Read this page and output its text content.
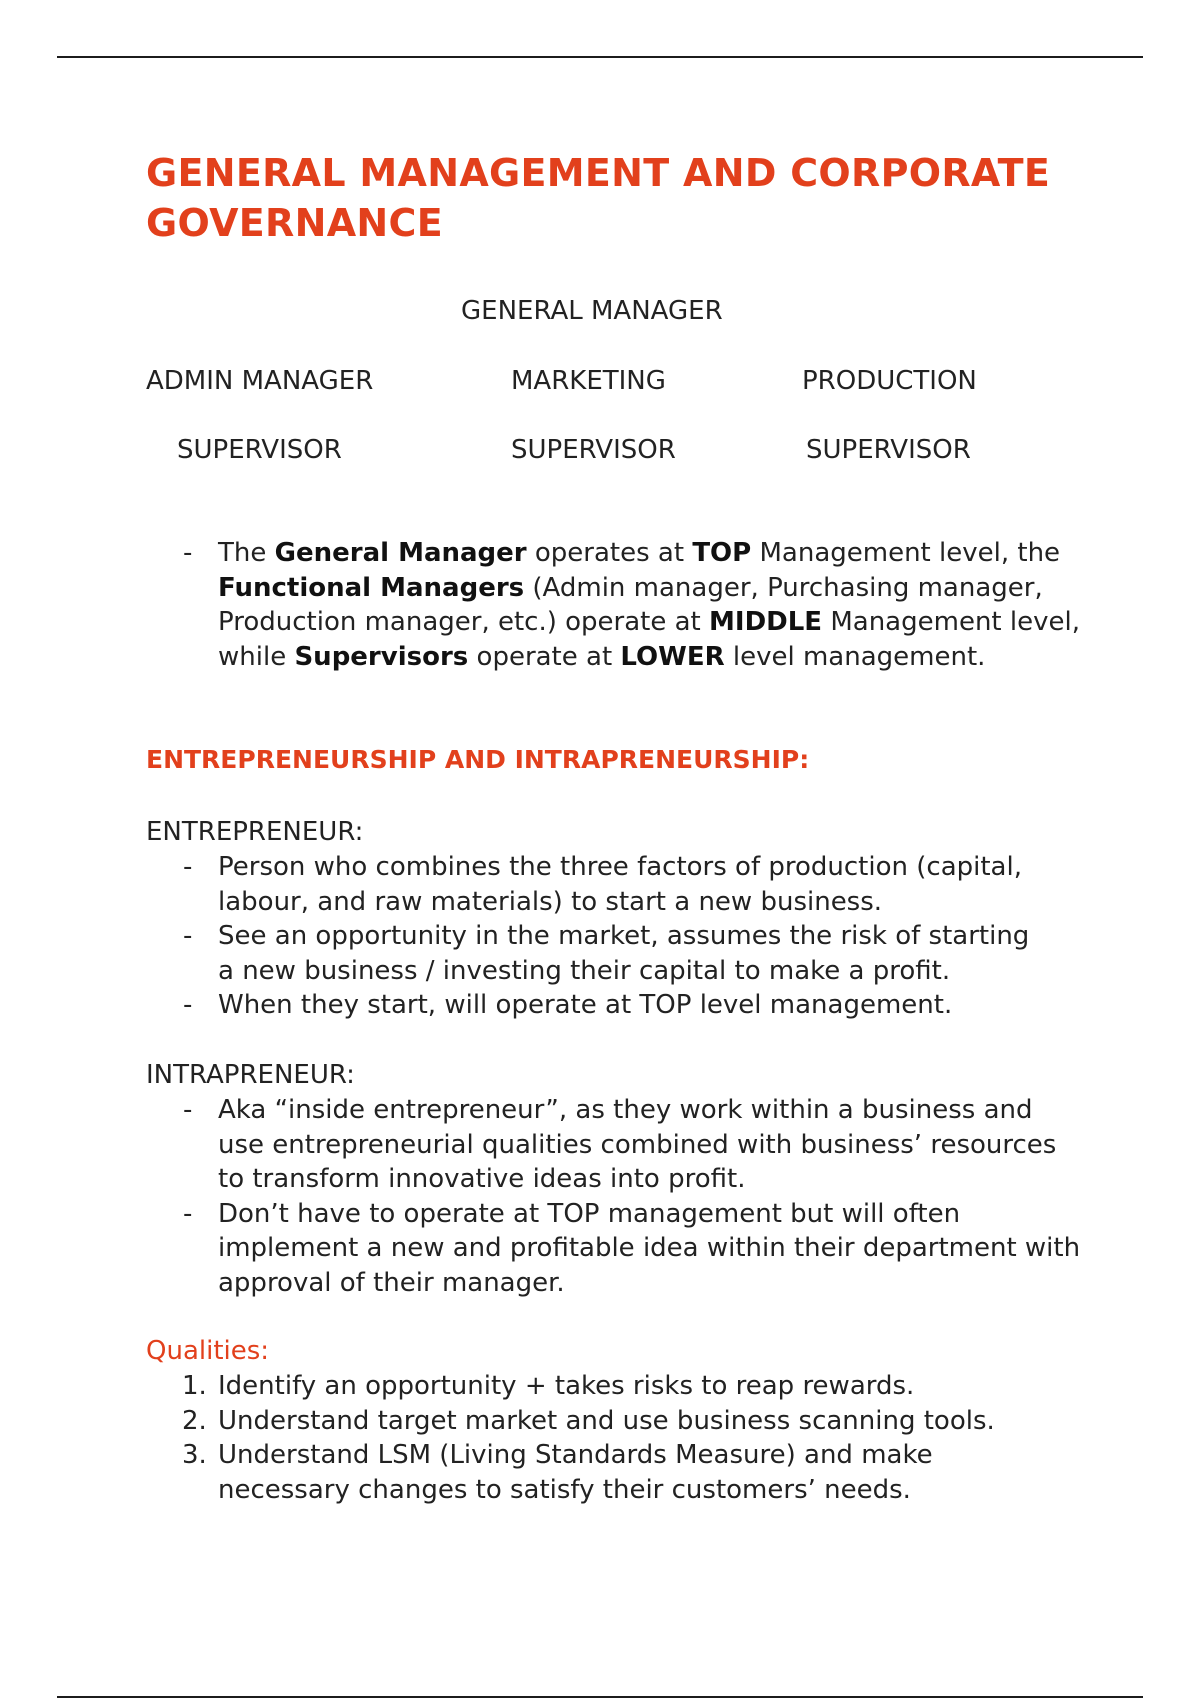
GENERAL MANAGEMENT AND CORPORATE
GOVERNANCE
GENERAL MANAGER
ADMIN MANAGER	MARKETING	PRODUCTION
SUPERVISOR	SUPERVISOR	SUPERVISOR
- The General Manager operates at TOP Management level, the Functional Managers (Admin manager, Purchasing manager, Production manager, etc.) operate at MIDDLE Management level, while Supervisors operate at LOWER level management.
ENTREPRENEURSHIP AND INTRAPRENEURSHIP:
ENTREPRENEUR:
- Person who combines the three factors of production (capital, labour, and raw materials) to start a new business.
- See an opportunity in the market, assumes the risk of starting a new business / investing their capital to make a profit.
- When they start, will operate at TOP level management.
INTRAPRENEUR:
- Aka “inside entrepreneur”, as they work within a business and use entrepreneurial qualities combined with business’ resources to transform innovative ideas into profit.
- Don’t have to operate at TOP management but will often implement a new and profitable idea within their department with approval of their manager.
Qualities:
1. Identify an opportunity + takes risks to reap rewards.
2. Understand target market and use business scanning tools.
3. Understand LSM (Living Standards Measure) and make necessary changes to satisfy their customers’ needs.
